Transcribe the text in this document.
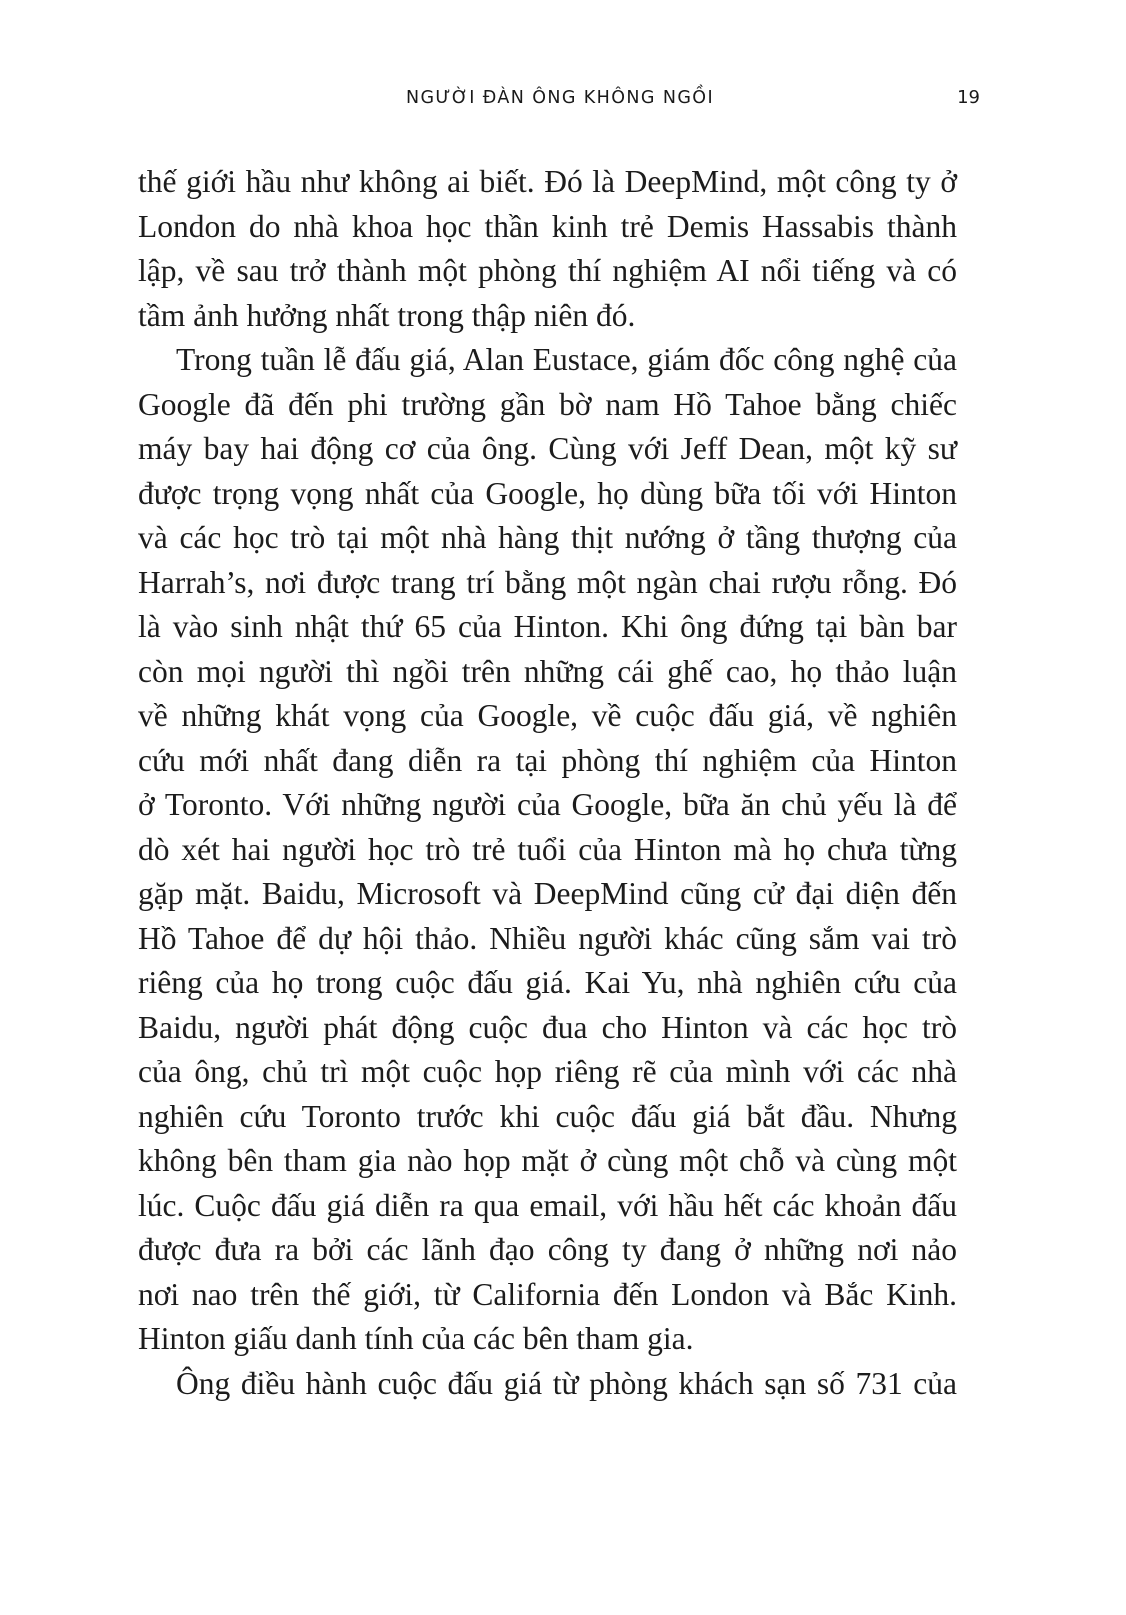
NGƯỜI ĐÀN ÔNG KHÔNG NGỒI	19
thế giới hầu như không ai biết. Đó là DeepMind, một công ty ở
London do nhà khoa học thần kinh trẻ Demis Hassabis thành
lập, về sau trở thành một phòng thí nghiệm AI nổi tiếng và có
tầm ảnh hưởng nhất trong thập niên đó.
Trong tuần lễ đấu giá, Alan Eustace, giám đốc công nghệ của
Google đã đến phi trường gần bờ nam Hồ Tahoe bằng chiếc
máy bay hai động cơ của ông. Cùng với Jeff Dean, một kỹ sư
được trọng vọng nhất của Google, họ dùng bữa tối với Hinton
và các học trò tại một nhà hàng thịt nướng ở tầng thượng của
Harrah’s, nơi được trang trí bằng một ngàn chai rượu rỗng. Đó
là vào sinh nhật thứ 65 của Hinton. Khi ông đứng tại bàn bar
còn mọi người thì ngồi trên những cái ghế cao, họ thảo luận
về những khát vọng của Google, về cuộc đấu giá, về nghiên
cứu mới nhất đang diễn ra tại phòng thí nghiệm của Hinton
ở Toronto. Với những người của Google, bữa ăn chủ yếu là để
dò xét hai người học trò trẻ tuổi của Hinton mà họ chưa từng
gặp mặt. Baidu, Microsoft và DeepMind cũng cử đại diện đến
Hồ Tahoe để dự hội thảo. Nhiều người khác cũng sắm vai trò
riêng của họ trong cuộc đấu giá. Kai Yu, nhà nghiên cứu của
Baidu, người phát động cuộc đua cho Hinton và các học trò
của ông, chủ trì một cuộc họp riêng rẽ của mình với các nhà
nghiên cứu Toronto trước khi cuộc đấu giá bắt đầu. Nhưng
không bên tham gia nào họp mặt ở cùng một chỗ và cùng một
lúc. Cuộc đấu giá diễn ra qua email, với hầu hết các khoản đấu
được đưa ra bởi các lãnh đạo công ty đang ở những nơi nảo
nơi nao trên thế giới, từ California đến London và Bắc Kinh.
Hinton giấu danh tính của các bên tham gia.
Ông điều hành cuộc đấu giá từ phòng khách sạn số 731 của
